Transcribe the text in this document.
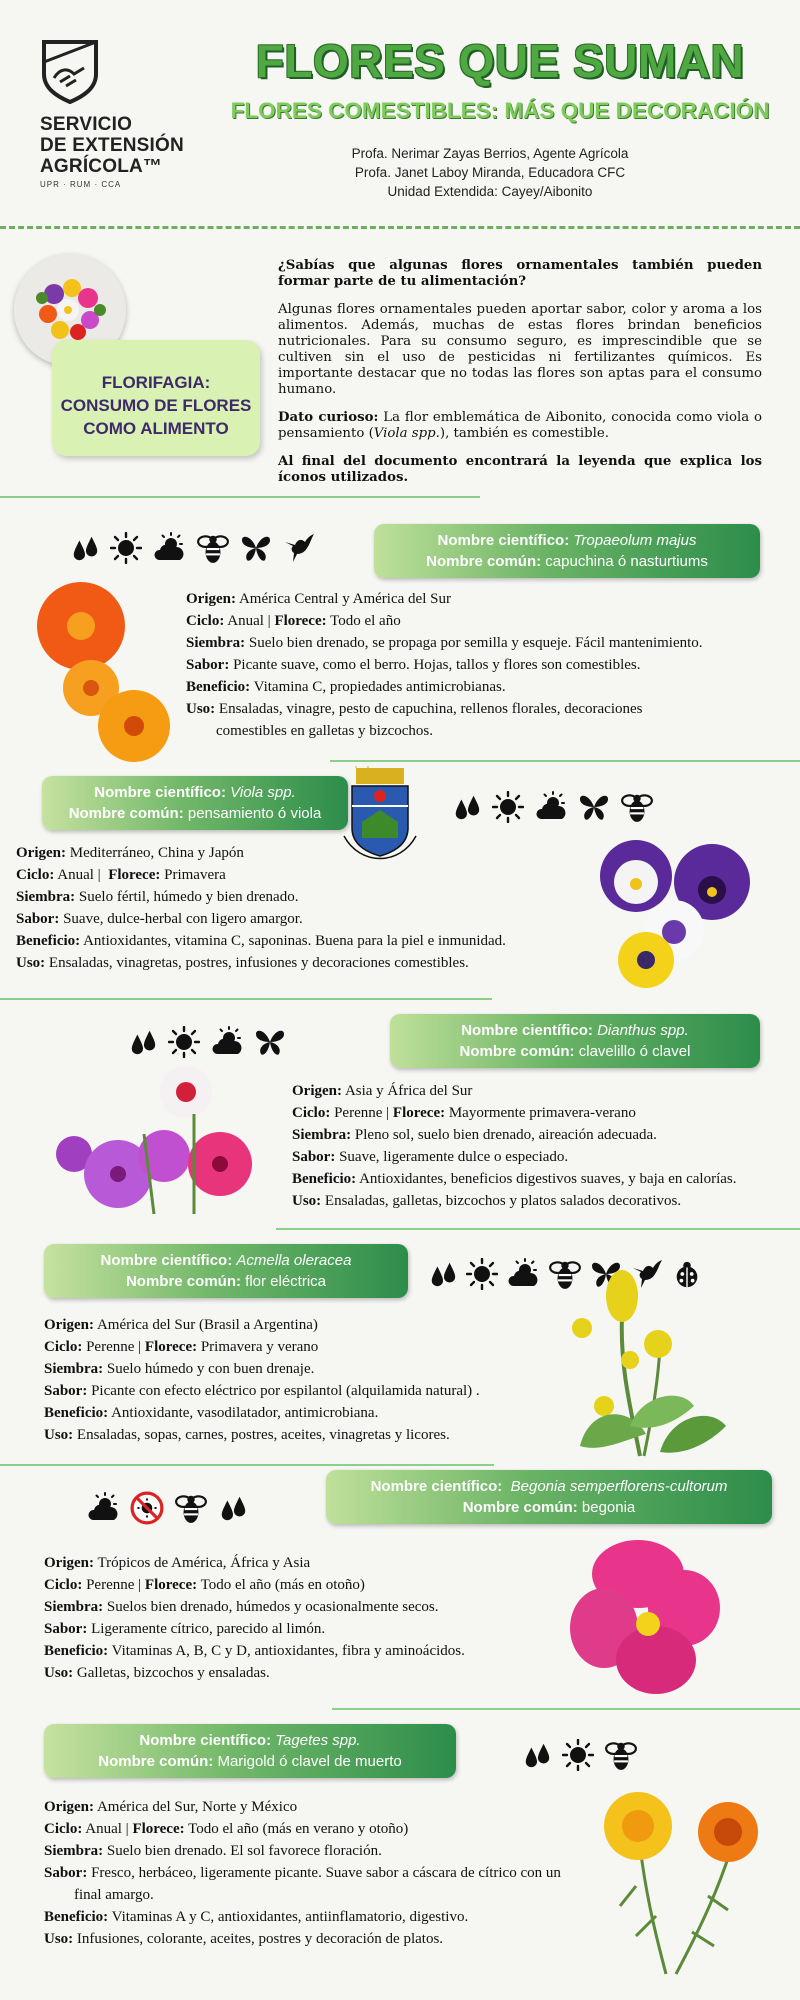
SERVICIO
DE EXTENSIÓN
AGRÍCOLA™
UPR · RUM · CCA
FLORES QUE SUMAN
FLORES COMESTIBLES: MÁS QUE DECORACIÓN
Profa. Nerimar Zayas Berrios, Agente Agrícola
Profa. Janet Laboy Miranda, Educadora CFC
Unidad Extendida: Cayey/Aibonito
FLORIFAGIA:
CONSUMO DE FLORES
COMO ALIMENTO

¿Sabías que algunas flores ornamentales también pueden formar parte de tu alimentación?

Algunas flores ornamentales pueden aportar sabor, color y aroma a los alimentos. Además, muchas de estas flores brindan beneficios nutricionales. Para su consumo seguro, es imprescindible que se cultiven sin el uso de pesticidas ni fertilizantes químicos. Es importante destacar que no todas las flores son aptas para el consumo humano.

Dato curioso: La flor emblemática de Aibonito, conocida como viola o pensamiento (Viola spp.), también es comestible.

Al final del documento encontrará la leyenda que explica los íconos utilizados.

Nombre científico: Tropaeolum majus
Nombre común: capuchina ó nasturtiums
Origen: América Central y América del Sur
Ciclo: Anual | Florece: Todo el año
Siembra: Suelo bien drenado, se propaga por semilla y esqueje. Fácil mantenimiento.
Sabor: Picante suave, como el berro. Hojas, tallos y flores son comestibles.
Beneficio: Vitamina C, propiedades antimicrobianas.
Uso: Ensaladas, vinagre, pesto de capuchina, rellenos florales, decoraciones comestibles en galletas y bizcochos.
Nombre científico: Viola spp.
Nombre común: pensamiento ó viola
Origen: Mediterráneo, China y Japón
Ciclo: Anual | Florece: Primavera
Siembra: Suelo fértil, húmedo y bien drenado.
Sabor: Suave, dulce-herbal con ligero amargor.
Beneficio: Antioxidantes, vitamina C, saponinas. Buena para la piel e inmunidad.
Uso: Ensaladas, vinagretas, postres, infusiones y decoraciones comestibles.
Nombre científico: Dianthus spp.
Nombre común: clavelillo ó clavel
Origen: Asia y África del Sur
Ciclo: Perenne | Florece: Mayormente primavera-verano
Siembra: Pleno sol, suelo bien drenado, aireación adecuada.
Sabor: Suave, ligeramente dulce o especiado.
Beneficio: Antioxidantes, beneficios digestivos suaves, y baja en calorías.
Uso: Ensaladas, galletas, bizcochos y platos salados decorativos.
Nombre científico: Acmella oleracea
Nombre común: flor eléctrica
Origen: América del Sur (Brasil a Argentina)
Ciclo: Perenne | Florece: Primavera y verano
Siembra: Suelo húmedo y con buen drenaje.
Sabor: Picante con efecto eléctrico por espilantol (alquilamida natural) .
Beneficio: Antioxidante, vasodilatador, antimicrobiana.
Uso: Ensaladas, sopas, carnes, postres, aceites, vinagretas y licores.
Nombre científico: Begonia semperflorens-cultorum
Nombre común: begonia
Origen: Trópicos de América, África y Asia
Ciclo: Perenne | Florece: Todo el año (más en otoño)
Siembra: Suelos bien drenado, húmedos y ocasionalmente secos.
Sabor: Ligeramente cítrico, parecido al limón.
Beneficio: Vitaminas A, B, C y D, antioxidantes, fibra y aminoácidos.
Uso: Galletas, bizcochos y ensaladas.
Nombre científico: Tagetes spp.
Nombre común: Marigold ó clavel de muerto
Origen: América del Sur, Norte y México
Ciclo: Anual | Florece: Todo el año (más en verano y otoño)
Siembra: Suelo bien drenado. El sol favorece floración.
Sabor: Fresco, herbáceo, ligeramente picante. Suave sabor a cáscara de cítrico con un final amargo.
Beneficio: Vitaminas A y C, antioxidantes, antiinflamatorio, digestivo.
Uso: Infusiones, colorante, aceites, postres y decoración de platos.
